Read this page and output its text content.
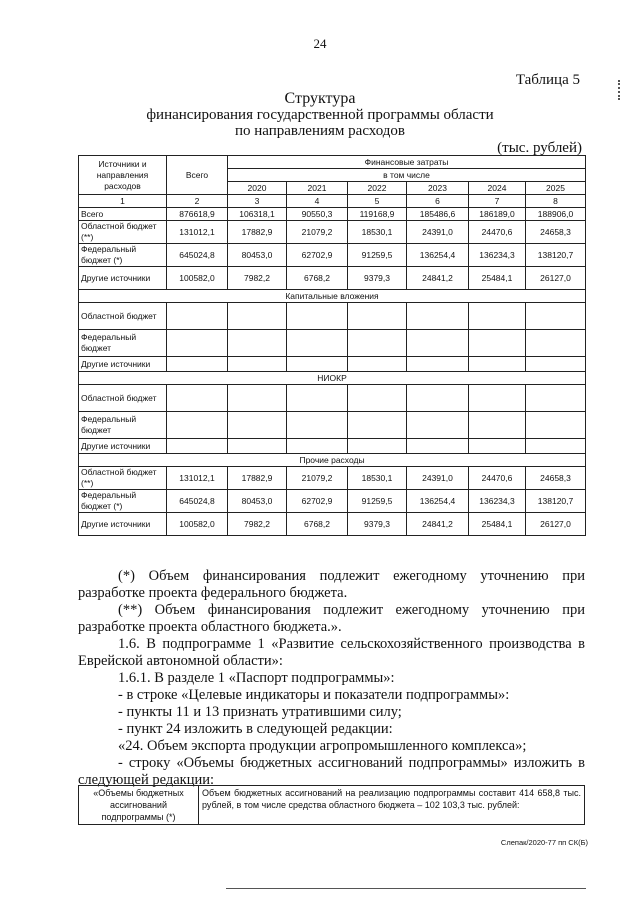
24
Таблица 5
Структура
финансирования государственной программы области
по направлениям расходов
(тыс. рублей)
Источники и направления расходов	Всего	Финансовые затраты					
		в том числе					
		2020	2021	2022	2023	2024	2025
1	2	3	4	5	6	7	8
Всего	876618,9	106318,1	90550,3	119168,9	185486,6	186189,0	188906,0
Областной бюджет (**)	131012,1	17882,9	21079,2	18530,1	24391,0	24470,6	24658,3
Федеральный бюджет (*)	645024,8	80453,0	62702,9	91259,5	136254,4	136234,3	138120,7
Другие источники	100582,0	7982,2	6768,2	9379,3	24841,2	25484,1	26127,0
Капитальные вложения							
Областной бюджет							
Федеральный бюджет							
Другие источники							
НИОКР							
Областной бюджет							
Федеральный бюджет							
Другие источники							
Прочие расходы							
Областной бюджет (**)	131012,1	17882,9	21079,2	18530,1	24391,0	24470,6	24658,3
Федеральный бюджет (*)	645024,8	80453,0	62702,9	91259,5	136254,4	136234,3	138120,7
Другие источники	100582,0	7982,2	6768,2	9379,3	24841,2	25484,1	26127,0
(*) Объем финансирования подлежит ежегодному уточнению при разработке проекта федерального бюджета.
(**) Объем финансирования подлежит ежегодному уточнению при разработке проекта областного бюджета.».
1.6. В подпрограмме 1 «Развитие сельскохозяйственного производства в Еврейской автономной области»:
1.6.1. В разделе 1 «Паспорт подпрограммы»:
- в строке «Целевые индикаторы и показатели подпрограммы»:
- пункты 11 и 13 признать утратившими силу;
- пункт 24 изложить в следующей редакции:
«24. Объем экспорта продукции агропромышленного комплекса»;
- строку «Объемы бюджетных ассигнований подпрограммы» изложить в следующей редакции:
«Объемы бюджетных ассигнований подпрограммы (*)	Объем бюджетных ассигнований на реализацию подпрограммы составит 414 658,8 тыс. рублей, в том числе средства областного бюджета – 102 103,3 тыс. рублей:
Слепак/2020-77 пп СК(Б)
